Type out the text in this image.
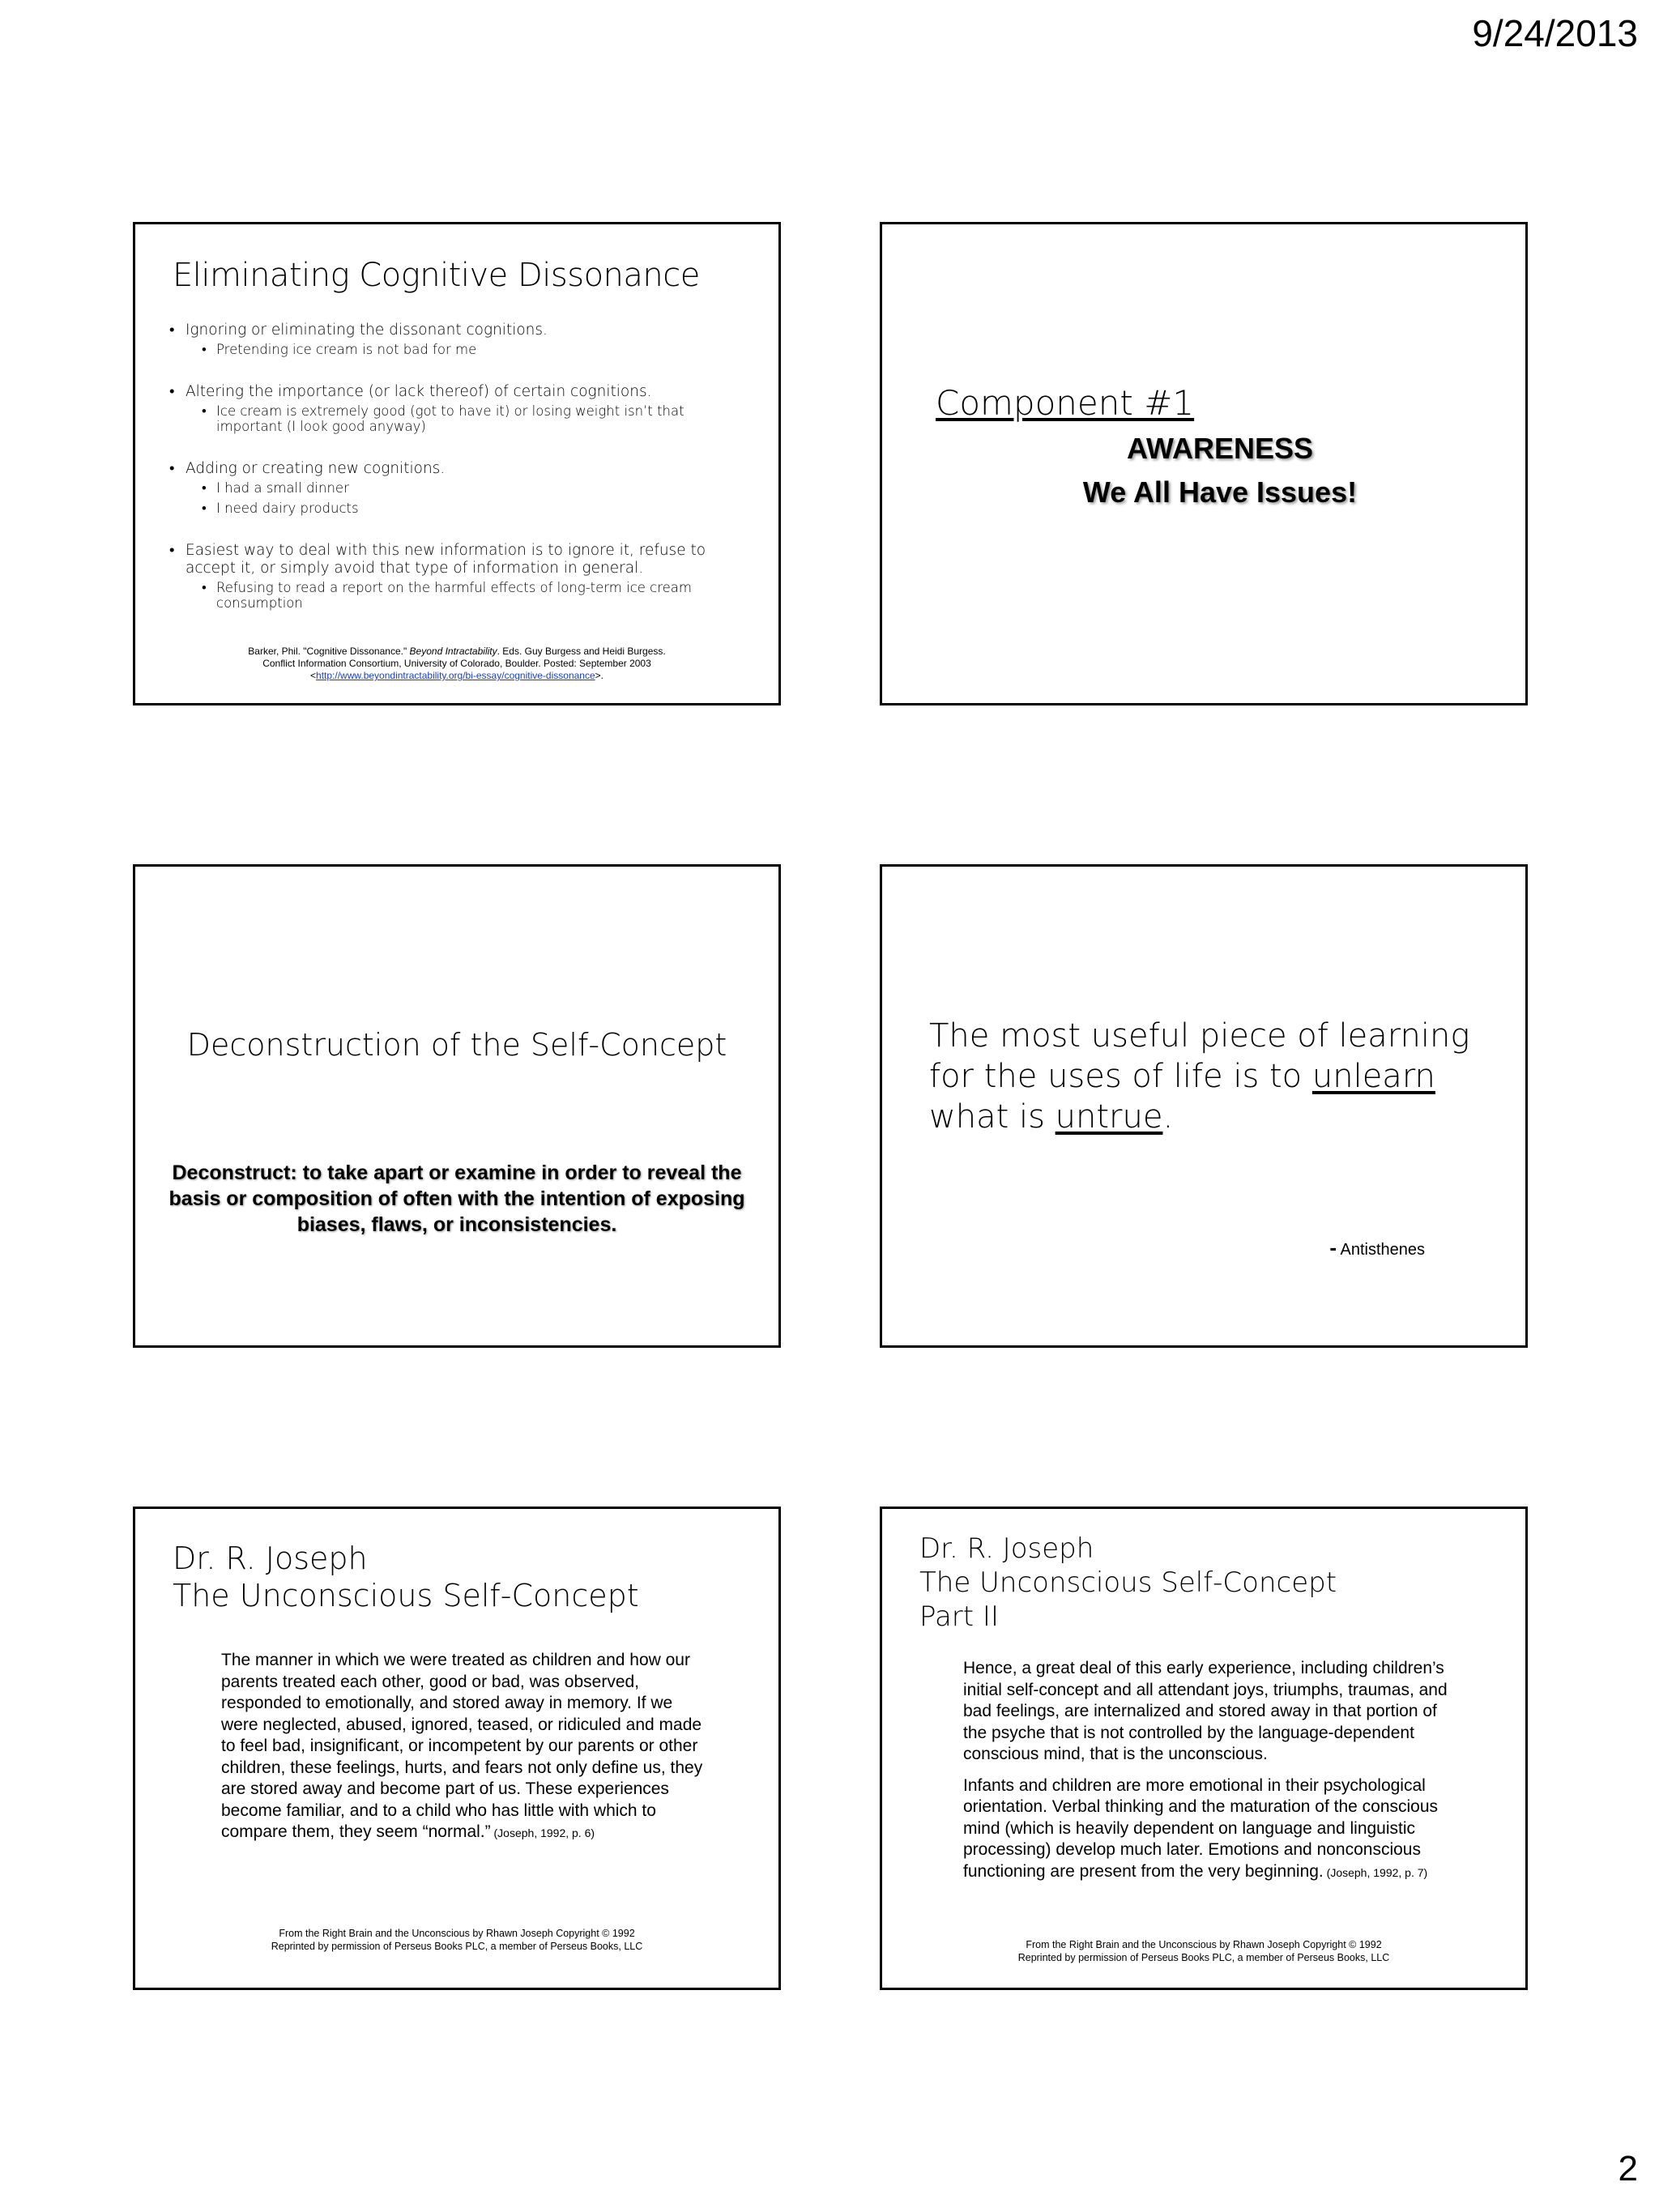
9/24/2013
Eliminating Cognitive Dissonance
• Ignoring or eliminating the dissonant cognitions.
• Pretending ice cream is not bad for me
• Altering the importance (or lack thereof) of certain cognitions.
• Ice cream is extremely good (got to have it) or losing weight isn’t that important (I look good anyway)
• Adding or creating new cognitions.
• I had a small dinner
• I need dairy products
• Easiest way to deal with this new information is to ignore it, refuse to accept it, or simply avoid that type of information in general.
• Refusing to read a report on the harmful effects of long-term ice cream consumption
Barker, Phil. "Cognitive Dissonance." Beyond Intractability. Eds. Guy Burgess and Heidi Burgess.
Conflict Information Consortium, University of Colorado, Boulder. Posted: September 2003
<http://www.beyondintractability.org/bi-essay/cognitive-dissonance>.
Component #1
AWARENESS
We All Have Issues!
Deconstruction of the Self-Concept
Deconstruct: to take apart or examine in order to reveal the basis or composition of often with the intention of exposing biases, flaws, or inconsistencies.
The most useful piece of learning for the uses of life is to unlearn what is untrue.
- Antisthenes
Dr. R. Joseph
The Unconscious Self-Concept
The manner in which we were treated as children and how our parents treated each other, good or bad, was observed, responded to emotionally, and stored away in memory. If we were neglected, abused, ignored, teased, or ridiculed and made to feel bad, insignificant, or incompetent by our parents or other children, these feelings, hurts, and fears not only define us, they are stored away and become part of us. These experiences become familiar, and to a child who has little with which to compare them, they seem “normal.” (Joseph, 1992, p. 6)
From the Right Brain and the Unconscious by Rhawn Joseph Copyright © 1992
Reprinted by permission of Perseus Books PLC, a member of Perseus Books, LLC
Dr. R. Joseph
The Unconscious Self-Concept
Part II

Hence, a great deal of this early experience, including children’s initial self-concept and all attendant joys, triumphs, traumas, and bad feelings, are internalized and stored away in that portion of the psyche that is not controlled by the language-dependent conscious mind, that is the unconscious.

Infants and children are more emotional in their psychological orientation. Verbal thinking and the maturation of the conscious mind (which is heavily dependent on language and linguistic processing) develop much later. Emotions and nonconscious functioning are present from the very beginning. (Joseph, 1992, p. 7)

From the Right Brain and the Unconscious by Rhawn Joseph Copyright © 1992
Reprinted by permission of Perseus Books PLC, a member of Perseus Books, LLC
2
